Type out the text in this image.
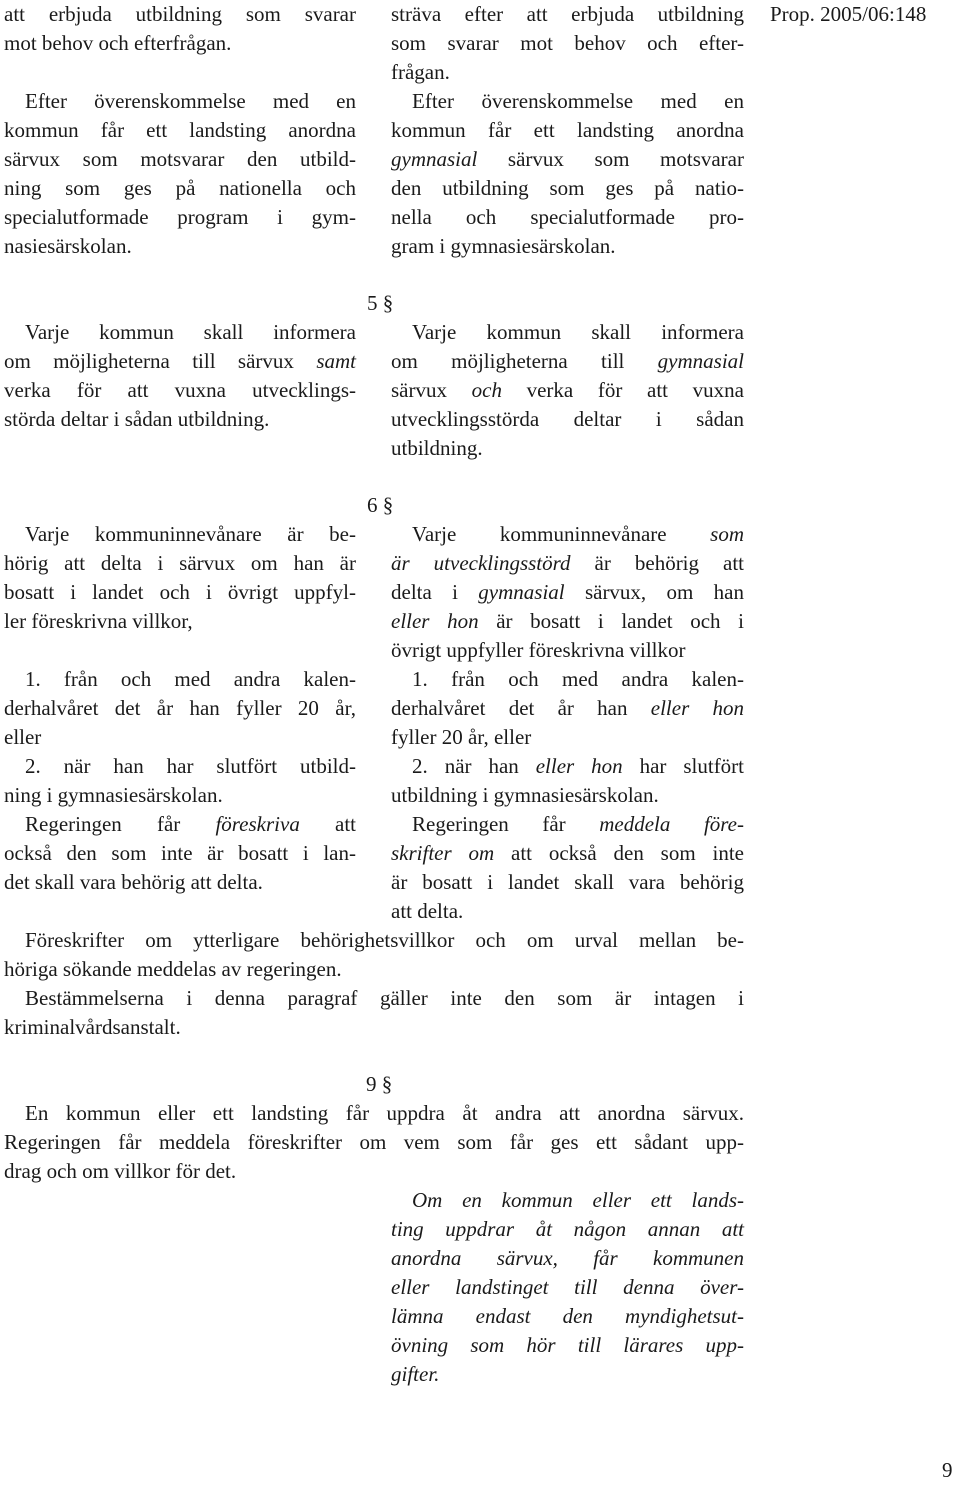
Prop. 2005/06:148

att erbjuda utbildning som svarar

mot behov och efterfrågan.

Efter överenskommelse med en

kommun får ett landsting anordna

särvux som motsvarar den utbild-

ning som ges på nationella och

specialutformade program i gym-

nasiesärskolan.

Varje kommun skall informera

om möjligheterna till särvux samt

verka för att vuxna utvecklings-

störda deltar i sådan utbildning.

Varje kommuninnevånare är be-

hörig att delta i särvux om han är

bosatt i landet och i övrigt uppfyl-

ler föreskrivna villkor,

1. från och med andra kalen-

derhalvåret det år han fyller 20 år,

eller

2. när han har slutfört utbild-

ning i gymnasiesärskolan.

Regeringen får föreskriva att

också den som inte är bosatt i lan-

det skall vara behörig att delta.

sträva efter att erbjuda utbildning

som svarar mot behov och efter-

frågan.

Efter överenskommelse med en

kommun får ett landsting anordna

gymnasial särvux som motsvarar

den utbildning som ges på natio-

nella och specialutformade pro-

gram i gymnasiesärskolan.

5 §

Varje kommun skall informera

om möjligheterna till gymnasial

särvux och verka för att vuxna

utvecklingsstörda deltar i sådan

utbildning.

6 §

Varje kommuninnevånare som

är utvecklingsstörd är behörig att

delta i gymnasial särvux, om han

eller hon är bosatt i landet och i

övrigt uppfyller föreskrivna villkor

1. från och med andra kalen-

derhalvåret det år han eller hon

fyller 20 år, eller

2. när han eller hon har slutfört

utbildning i gymnasiesärskolan.

Regeringen får meddela före-

skrifter om att också den som inte

är bosatt i landet skall vara behörig

att delta.

Föreskrifter om ytterligare behörighetsvillkor och om urval mellan be-

höriga sökande meddelas av regeringen.

Bestämmelserna i denna paragraf gäller inte den som är intagen i

kriminalvårdsanstalt.

9 §

En kommun eller ett landsting får uppdra åt andra att anordna särvux.

Regeringen får meddela föreskrifter om vem som får ges ett sådant upp-

drag och om villkor för det.

Om en kommun eller ett lands-

ting uppdrar åt någon annan att

anordna särvux, får kommunen

eller landstinget till denna över-

lämna endast den myndighetsut-

övning som hör till lärares upp-

gifter.

9
